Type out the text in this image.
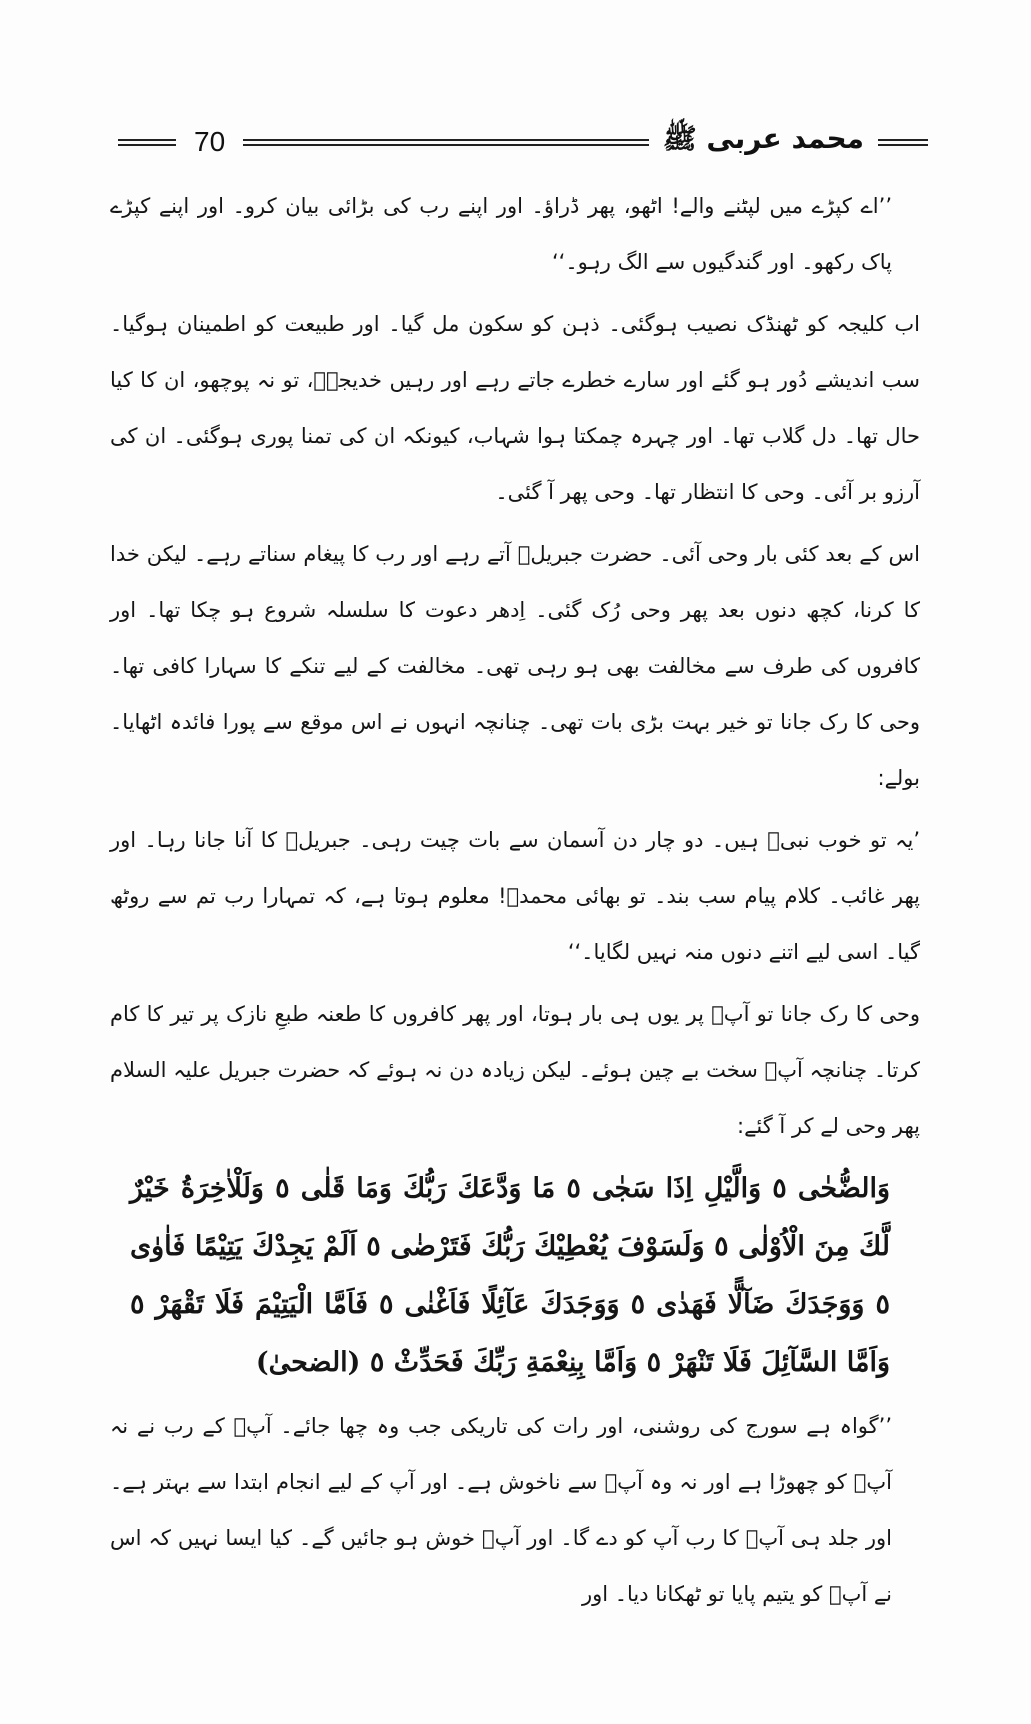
70	محمد عربی ﷺ

’’اے کپڑے میں لپٹنے والے! اٹھو، پھر ڈراؤ۔ اور اپنے رب کی بڑائی بیان کرو۔ اور اپنے کپڑے پاک رکھو۔ اور گندگیوں سے الگ رہو۔‘‘

اب کلیجہ کو ٹھنڈک نصیب ہوگئی۔ ذہن کو سکون مل گیا۔ اور طبیعت کو اطمینان ہوگیا۔ سب اندیشے دُور ہو گئے اور سارے خطرے جاتے رہے اور رہیں خدیجہؓ، تو نہ پوچھو، ان کا کیا حال تھا۔ دل گلاب تھا۔ اور چہرہ چمکتا ہوا شہاب، کیونکہ ان کی تمنا پوری ہوگئی۔ ان کی آرزو بر آئی۔ وحی کا انتظار تھا۔ وحی پھر آ گئی۔

اس کے بعد کئی بار وحی آئی۔ حضرت جبریلؑ آتے رہے اور رب کا پیغام سناتے رہے۔ لیکن خدا کا کرنا، کچھ دنوں بعد پھر وحی رُک گئی۔ اِدھر دعوت کا سلسلہ شروع ہو چکا تھا۔ اور کافروں کی طرف سے مخالفت بھی ہو رہی تھی۔ مخالفت کے لیے تنکے کا سہارا کافی تھا۔ وحی کا رک جانا تو خیر بہت بڑی بات تھی۔ چنانچہ انہوں نے اس موقع سے پورا فائدہ اٹھایا۔ بولے:

’یہ تو خوب نبیؐ ہیں۔ دو چار دن آسمان سے بات چیت رہی۔ جبریلؑ کا آنا جانا رہا۔ اور پھر غائب۔ کلام پیام سب بند۔ تو بھائی محمدؐ! معلوم ہوتا ہے، کہ تمہارا رب تم سے روٹھ گیا۔ اسی لیے اتنے دنوں منہ نہیں لگایا۔‘‘

وحی کا رک جانا تو آپؐ پر یوں ہی بار ہوتا، اور پھر کافروں کا طعنہ طبعِ نازک پر تیر کا کام کرتا۔ چنانچہ آپؐ سخت بے چین ہوئے۔ لیکن زیادہ دن نہ ہوئے کہ حضرت جبریل علیہ السلام پھر وحی لے کر آ گئے:

وَالضُّحٰى ٥ وَالَّيْلِ اِذَا سَجٰى ٥ مَا وَدَّعَكَ رَبُّكَ وَمَا قَلٰى ٥ وَلَلْاٰخِرَةُ خَيْرٌ لَّكَ مِنَ الْاُوْلٰى ٥ وَلَسَوْفَ يُعْطِيْكَ رَبُّكَ فَتَرْضٰى ٥ اَلَمْ يَجِدْكَ يَتِيْمًا فَاٰوٰى ٥ وَوَجَدَكَ ضَآلًّا فَهَدٰى ٥ وَوَجَدَكَ عَآئِلًا فَاَغْنٰى ٥ فَاَمَّا الْيَتِيْمَ فَلَا تَقْهَرْ ٥ وَاَمَّا السَّآئِلَ فَلَا تَنْهَرْ ٥ وَاَمَّا بِنِعْمَةِ رَبِّكَ فَحَدِّثْ ٥ (الضحیٰ)

’’گواہ ہے سورج کی روشنی، اور رات کی تاریکی جب وہ چھا جائے۔ آپؐ کے رب نے نہ آپؐ کو چھوڑا ہے اور نہ وہ آپؐ سے ناخوش ہے۔ اور آپ کے لیے انجام ابتدا سے بہتر ہے۔ اور جلد ہی آپؐ کا رب آپ کو دے گا۔ اور آپؐ خوش ہو جائیں گے۔ کیا ایسا نہیں کہ اس نے آپؐ کو یتیم پایا تو ٹھکانا دیا۔ اور
